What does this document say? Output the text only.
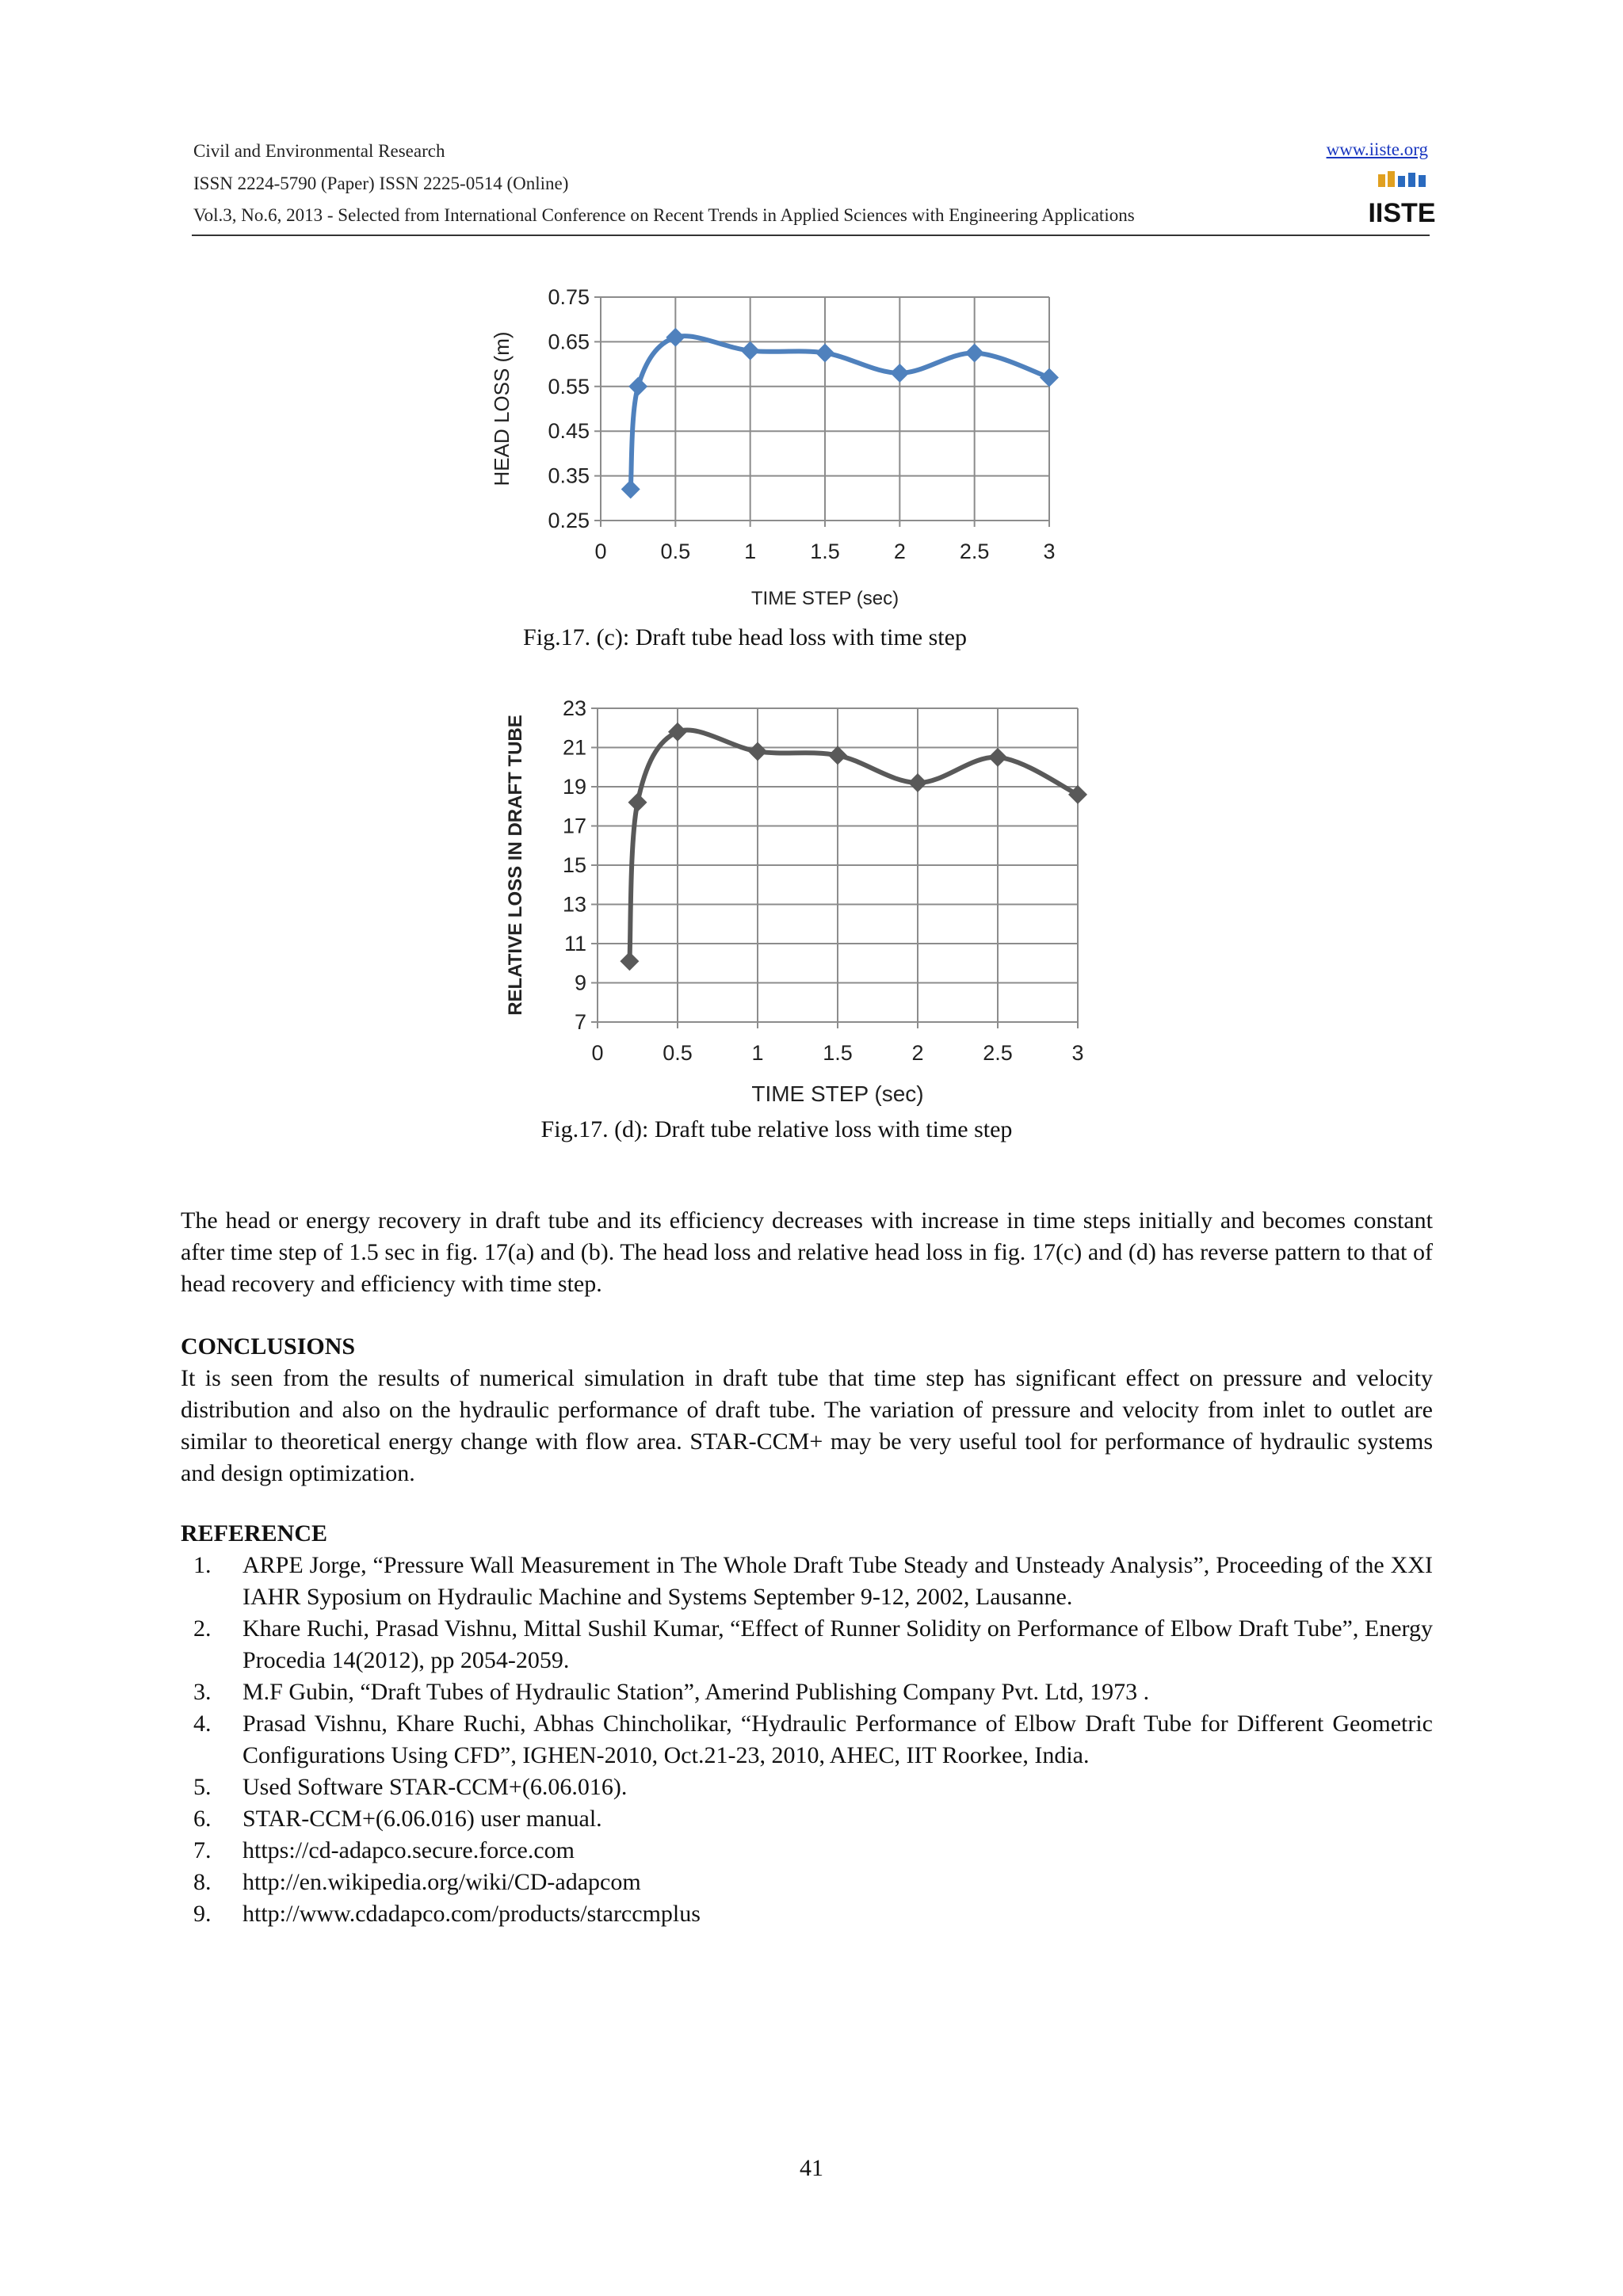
Civil and Environmental Research
ISSN 2224-5790 (Paper) ISSN 2225-0514 (Online)
Vol.3, No.6, 2013 - Selected from International Conference on Recent Trends in Applied Sciences with Engineering Applications
www.iiste.org
IISTE
0.25
0.35
0.45
0.55
0.65
0.75
0	0.5	1	1.5	2	2.5	3
HEAD LOSS (m)
TIME STEP (sec)
Fig.17. (c): Draft tube head loss with time step
7
9
11
13
15
17
19
21
23
0	0.5	1	1.5	2	2.5	3
RELATIVE LOSS IN DRAFT TUBE
TIME STEP (sec)
Fig.17. (d): Draft tube relative loss with time step
The head or energy recovery in draft tube and its efficiency decreases with increase in time steps initially and becomes constant after time step of 1.5 sec in fig. 17(a) and (b). The head loss and relative head loss in fig. 17(c) and (d) has reverse pattern to that of head recovery and efficiency with time step.
CONCLUSIONS
It is seen from the results of numerical simulation in draft tube that time step has significant effect on pressure and velocity distribution and also on the hydraulic performance of draft tube. The variation of pressure and velocity from inlet to outlet are similar to theoretical energy change with flow area. STAR-CCM+ may be very useful tool for performance of hydraulic systems and design optimization.
REFERENCE
1.	ARPE Jorge, “Pressure Wall Measurement in The Whole Draft Tube Steady and Unsteady Analysis”, Proceeding of the XXI IAHR Syposium on Hydraulic Machine and Systems September 9-12, 2002, Lausanne.
2.	Khare Ruchi, Prasad Vishnu, Mittal Sushil Kumar, “Effect of Runner Solidity on Performance of Elbow Draft Tube”, Energy Procedia 14(2012), pp 2054-2059.
3.	M.F Gubin, “Draft Tubes of Hydraulic Station”, Amerind Publishing Company Pvt. Ltd, 1973 .
4.	Prasad Vishnu, Khare Ruchi, Abhas Chincholikar, “Hydraulic Performance of Elbow Draft Tube for Different Geometric Configurations Using CFD”, IGHEN-2010, Oct.21-23, 2010, AHEC, IIT Roorkee, India.
5.	Used Software STAR-CCM+(6.06.016).
6.	STAR-CCM+(6.06.016) user manual.
7.	https://cd-adapco.secure.force.com
8.	http://en.wikipedia.org/wiki/CD-adapcom
9.	http://www.cdadapco.com/products/starccmplus
41
